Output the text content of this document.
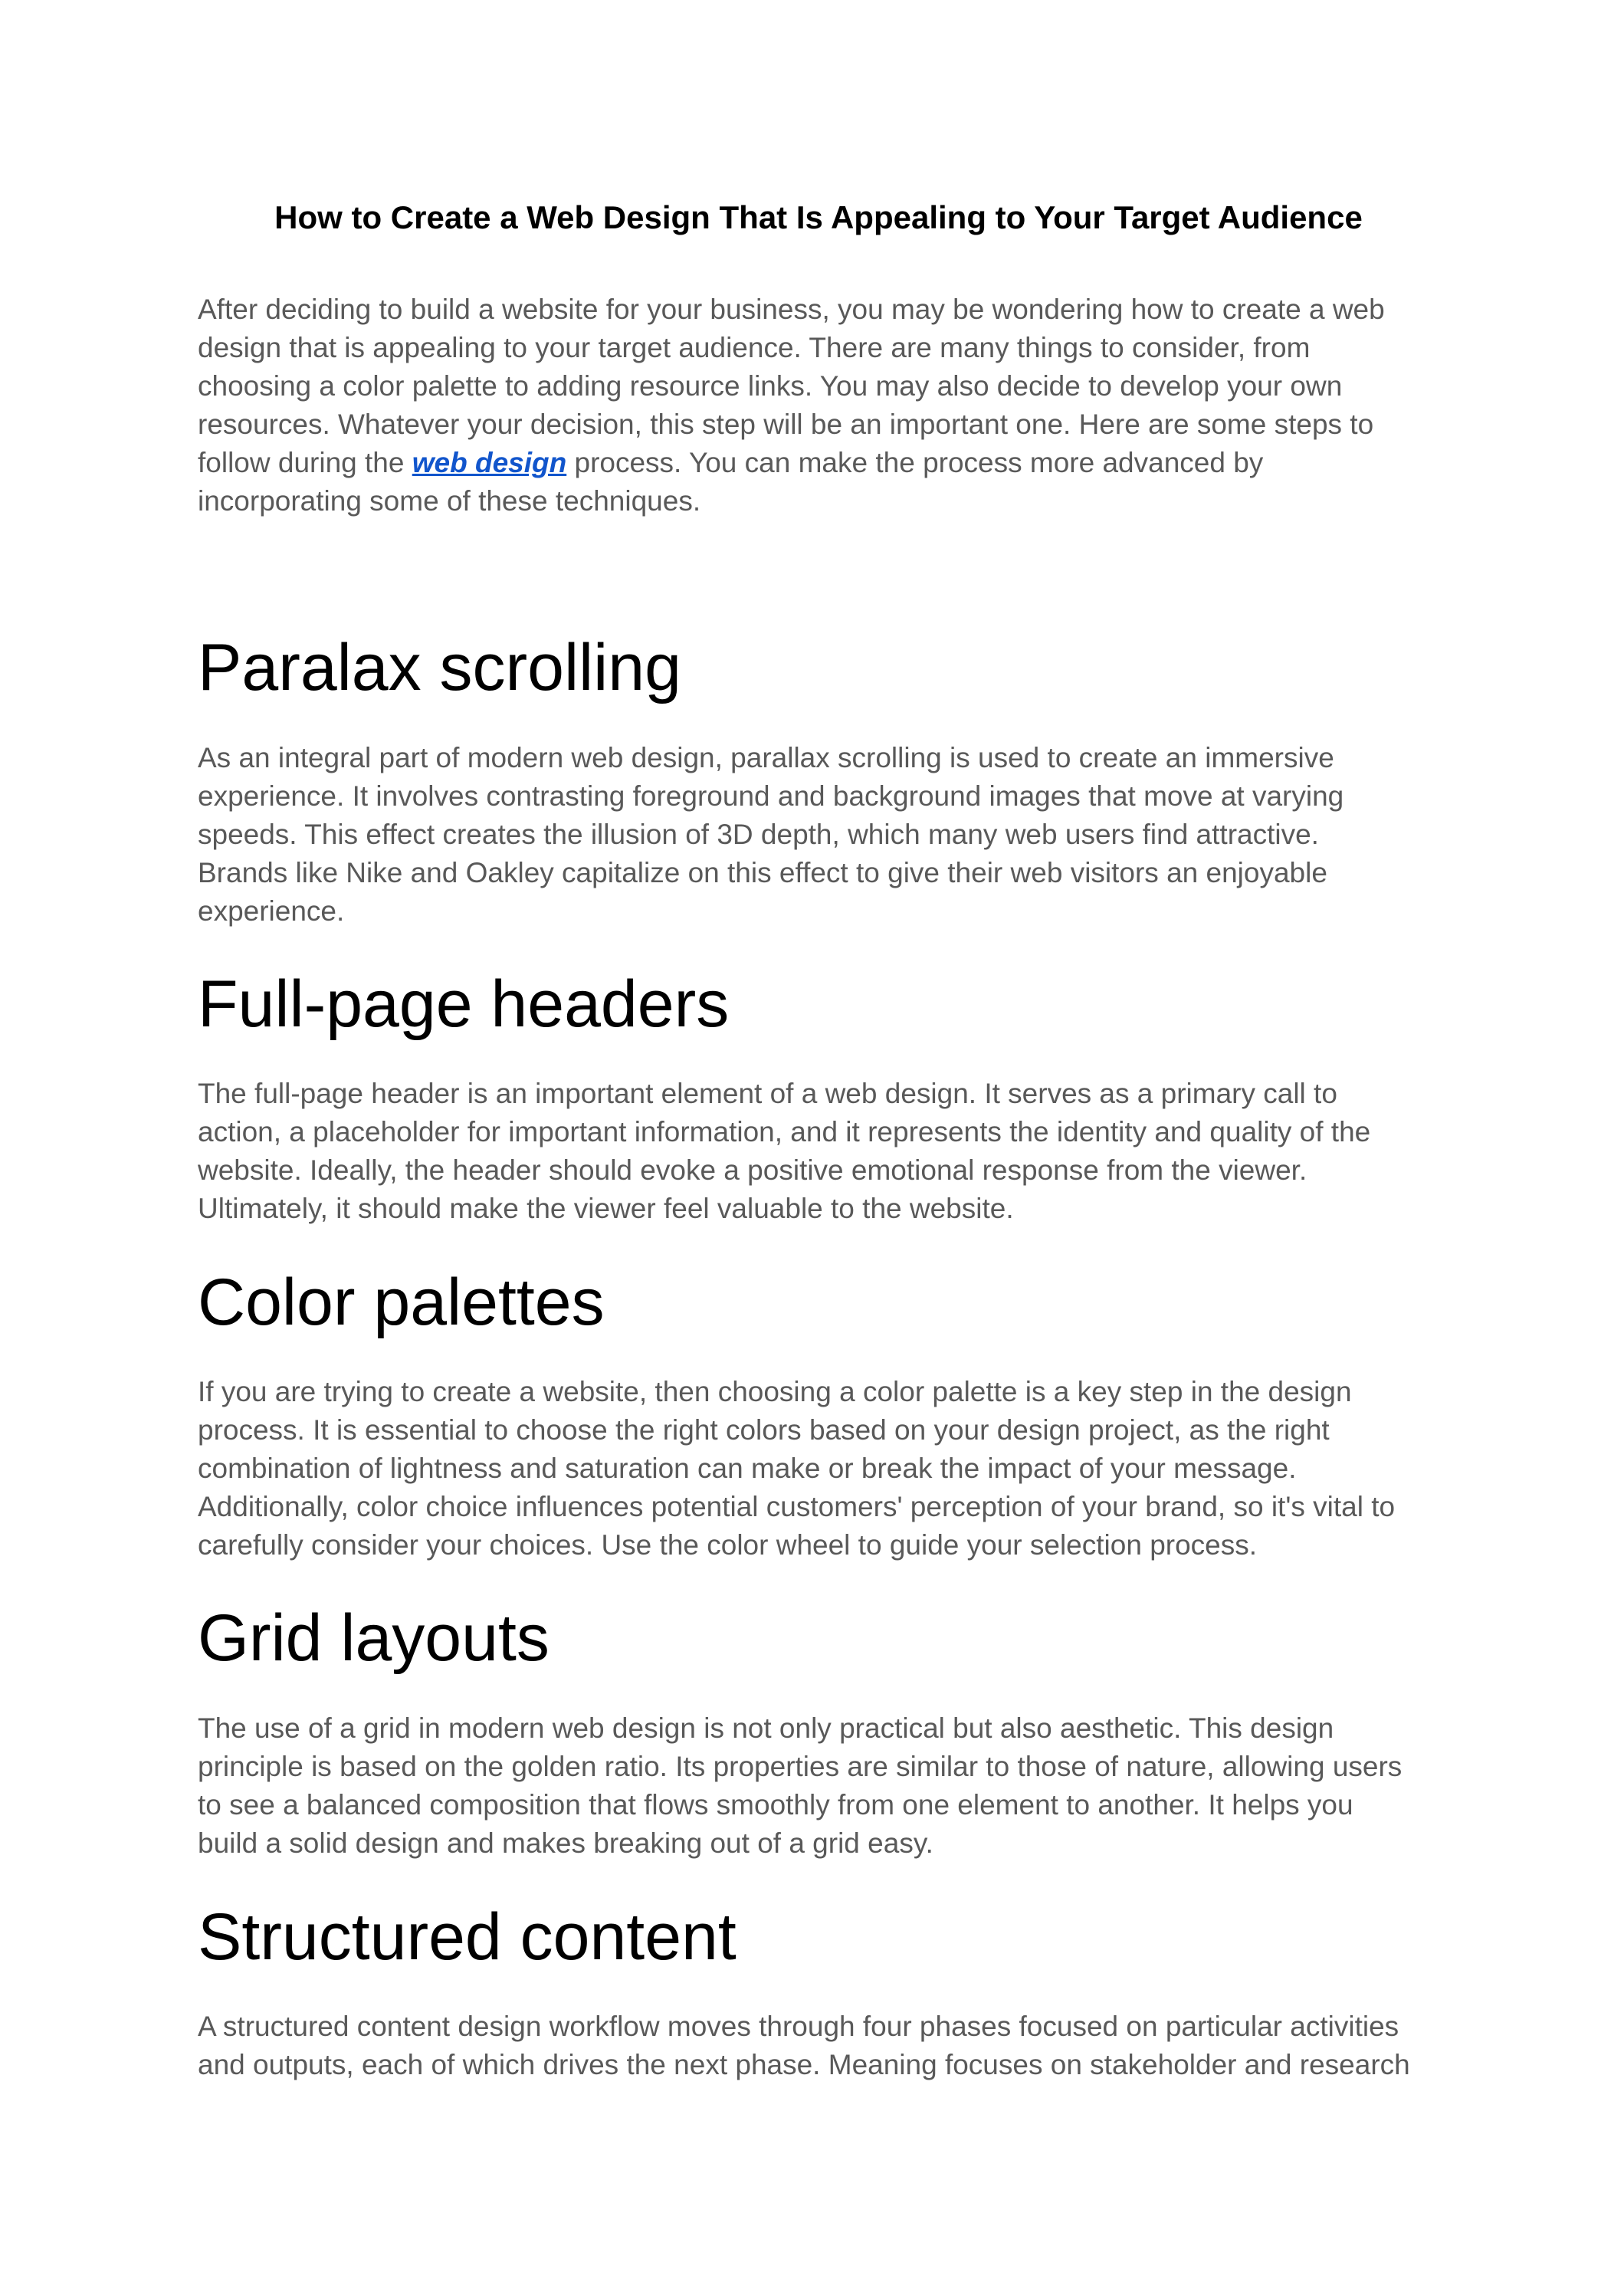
How to Create a Web Design That Is Appealing to Your Target Audience

After deciding to build a website for your business, you may be wondering how to create a web
design that is appealing to your target audience. There are many things to consider, from
choosing a color palette to adding resource links. You may also decide to develop your own
resources. Whatever your decision, this step will be an important one. Here are some steps to
follow during the web design process. You can make the process more advanced by
incorporating some of these techniques.

Paralax scrolling

As an integral part of modern web design, parallax scrolling is used to create an immersive
experience. It involves contrasting foreground and background images that move at varying
speeds. This effect creates the illusion of 3D depth, which many web users find attractive.
Brands like Nike and Oakley capitalize on this effect to give their web visitors an enjoyable
experience.

Full-page headers

The full-page header is an important element of a web design. It serves as a primary call to
action, a placeholder for important information, and it represents the identity and quality of the
website. Ideally, the header should evoke a positive emotional response from the viewer.
Ultimately, it should make the viewer feel valuable to the website.

Color palettes

If you are trying to create a website, then choosing a color palette is a key step in the design
process. It is essential to choose the right colors based on your design project, as the right
combination of lightness and saturation can make or break the impact of your message.
Additionally, color choice influences potential customers' perception of your brand, so it's vital to
carefully consider your choices. Use the color wheel to guide your selection process.

Grid layouts

The use of a grid in modern web design is not only practical but also aesthetic. This design
principle is based on the golden ratio. Its properties are similar to those of nature, allowing users
to see a balanced composition that flows smoothly from one element to another. It helps you
build a solid design and makes breaking out of a grid easy.

Structured content

A structured content design workflow moves through four phases focused on particular activities
and outputs, each of which drives the next phase. Meaning focuses on stakeholder and research
